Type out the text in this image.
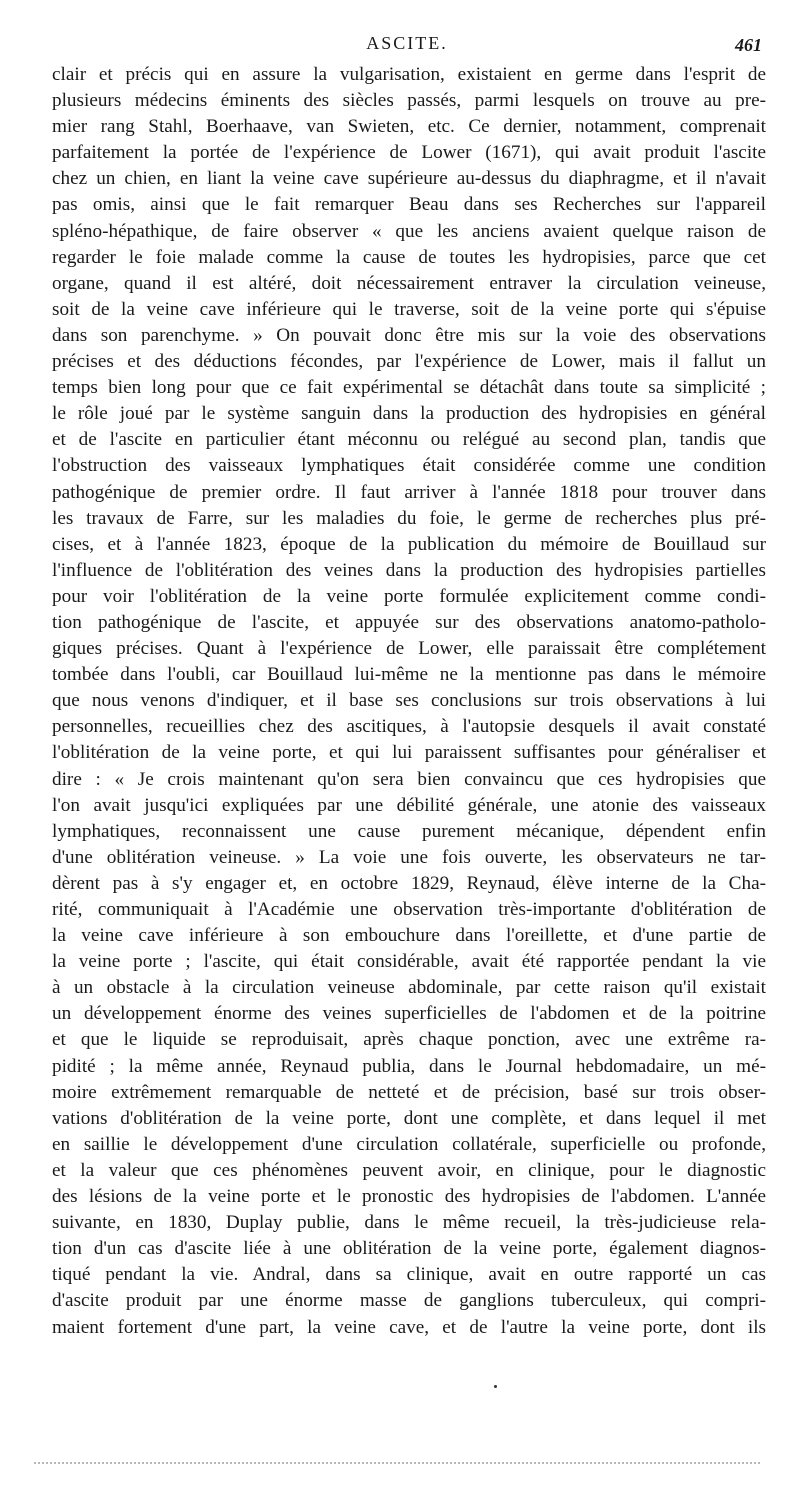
ASCITE.	461
clair et précis qui en assure la vulgarisation, existaient en germe dans l'esprit de
plusieurs médecins éminents des siècles passés, parmi lesquels on trouve au pre-
mier rang Stahl, Boerhaave, van Swieten, etc. Ce dernier, notamment, comprenait
parfaitement la portée de l'expérience de Lower (1671), qui avait produit l'ascite
chez un chien, en liant la veine cave supérieure au-dessus du diaphragme, et il n'avait
pas omis, ainsi que le fait remarquer Beau dans ses Recherches sur l'appareil
spléno-hépathique, de faire observer « que les anciens avaient quelque raison de
regarder le foie malade comme la cause de toutes les hydropisies, parce que cet
organe, quand il est altéré, doit nécessairement entraver la circulation veineuse,
soit de la veine cave inférieure qui le traverse, soit de la veine porte qui s'épuise
dans son parenchyme. » On pouvait donc être mis sur la voie des observations
précises et des déductions fécondes, par l'expérience de Lower, mais il fallut un
temps bien long pour que ce fait expérimental se détachât dans toute sa simplicité ;
le rôle joué par le système sanguin dans la production des hydropisies en général
et de l'ascite en particulier étant méconnu ou relégué au second plan, tandis que
l'obstruction des vaisseaux lymphatiques était considérée comme une condition
pathogénique de premier ordre. Il faut arriver à l'année 1818 pour trouver dans
les travaux de Farre, sur les maladies du foie, le germe de recherches plus pré-
cises, et à l'année 1823, époque de la publication du mémoire de Bouillaud sur
l'influence de l'oblitération des veines dans la production des hydropisies partielles
pour voir l'oblitération de la veine porte formulée explicitement comme condi-
tion pathogénique de l'ascite, et appuyée sur des observations anatomo-patholo-
giques précises. Quant à l'expérience de Lower, elle paraissait être complétement
tombée dans l'oubli, car Bouillaud lui-même ne la mentionne pas dans le mémoire
que nous venons d'indiquer, et il base ses conclusions sur trois observations à lui
personnelles, recueillies chez des ascitiques, à l'autopsie desquels il avait constaté
l'oblitération de la veine porte, et qui lui paraissent suffisantes pour généraliser et
dire : « Je crois maintenant qu'on sera bien convaincu que ces hydropisies que
l'on avait jusqu'ici expliquées par une débilité générale, une atonie des vaisseaux
lymphatiques, reconnaissent une cause purement mécanique, dépendent enfin
d'une oblitération veineuse. » La voie une fois ouverte, les observateurs ne tar-
dèrent pas à s'y engager et, en octobre 1829, Reynaud, élève interne de la Cha-
rité, communiquait à l'Académie une observation très-importante d'oblitération de
la veine cave inférieure à son embouchure dans l'oreillette, et d'une partie de
la veine porte ; l'ascite, qui était considérable, avait été rapportée pendant la vie
à un obstacle à la circulation veineuse abdominale, par cette raison qu'il existait
un développement énorme des veines superficielles de l'abdomen et de la poitrine
et que le liquide se reproduisait, après chaque ponction, avec une extrême ra-
pidité ; la même année, Reynaud publia, dans le Journal hebdomadaire, un mé-
moire extrêmement remarquable de netteté et de précision, basé sur trois obser-
vations d'oblitération de la veine porte, dont une complète, et dans lequel il met
en saillie le développement d'une circulation collatérale, superficielle ou profonde,
et la valeur que ces phénomènes peuvent avoir, en clinique, pour le diagnostic
des lésions de la veine porte et le pronostic des hydropisies de l'abdomen. L'année
suivante, en 1830, Duplay publie, dans le même recueil, la très-judicieuse rela-
tion d'un cas d'ascite liée à une oblitération de la veine porte, également diagnos-
tiqué pendant la vie. Andral, dans sa clinique, avait en outre rapporté un cas
d'ascite produit par une énorme masse de ganglions tuberculeux, qui compri-
maient fortement d'une part, la veine cave, et de l'autre la veine porte, dont ils
